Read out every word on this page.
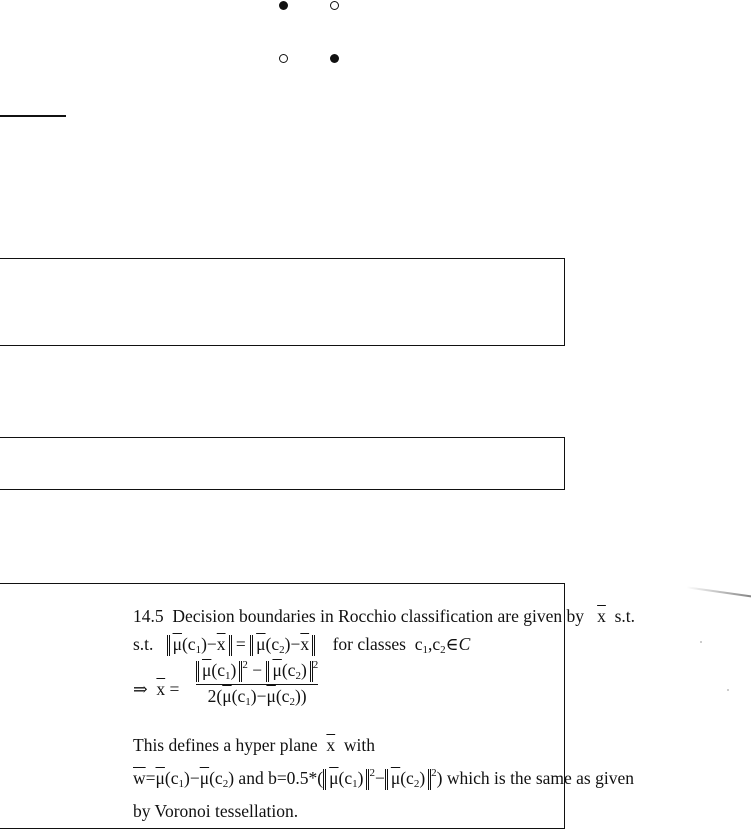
14.5 Decision boundaries in Rocchio classification are given by $\overline{x}$ s.t.
s.t. $\overline{\mu}(c_1)-\overline{x} = \overline{\mu}(c_2)-\overline{x}$ for classes $c_1,c_2\in C$
⇒ $\overline{x}$ =
$\overline{\mu}(c_1) ^2 - \overline{\mu}(c_2)$ $^2$
$2(\overline{\mu}(c_1)-\overline{\mu}(c_2))$
This defines a hyper plane $\overline{x}$ with
$\overline{w}=\overline{\mu}(c_1)-\overline{\mu}(c_2)$ and b=0.5*( $\overline{\mu}(c_1)$ $^2- \overline{\mu}(c_2)$ $^2$) which is the same as given
by Voronoi tessellation.
